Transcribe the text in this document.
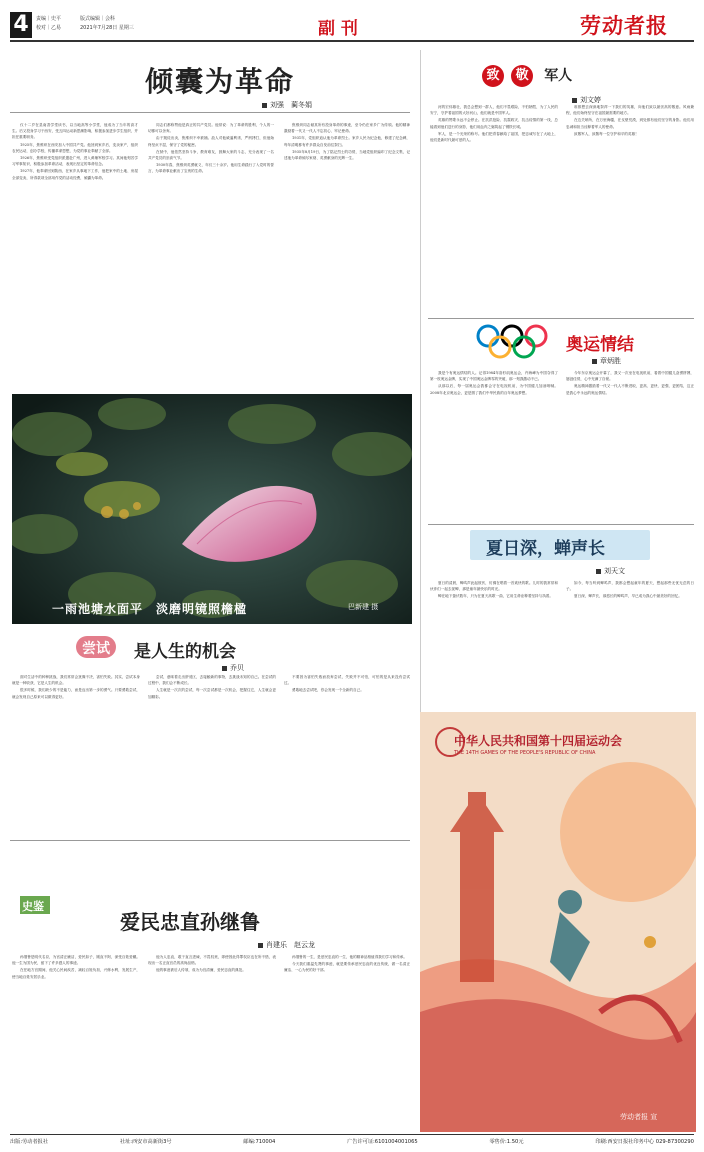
4	责编｜史平
校对｜乙易
版式编辑｜会科
2021年7月28日 星期三	副 刊	劳动者报
倾囊为革命
刘强　蔺冬娟

仅十二岁在县南香学堂读书，以当地高等小学堂，他成为了当年的高才生。后又投身学习于西安，受五四运动新思潮影响，积极参加进步学生组织，并担任重要职务。

1925年，焦维炽在西安加入中国共产党。他回到家乡后，变卖家产，组织农民运动，创办学校，传播革命思想，为党的事业奉献了全部。

1926年，焦维炽受党组织派遣赴广州，进入黄埔军校学习。其间他刻苦学习军事知识，积极参加革命活动，表现出坚定的革命信念。

1927年，他奉命回到陕西，在家乡从事地下工作，他把家中的土地、房屋全部变卖，所得款项全部用作党的活动经费，倾囊为革命。

同志们都称赞他是真正的共产党员。他常说：为了革命的胜利，个人的一切都可以舍弃。

由于叛徒出卖，焦维炽不幸被捕。敌人对他威逼利诱，严刑拷打，但他始终坚贞不屈，保守了党的秘密。

在狱中，他依然坚持斗争，教育难友，鼓舞大家的斗志，充分表现了一名共产党员的崇高气节。

1930年春，焦维炽英勇就义，年仅三十余岁。他用生命践行了入党时的誓言，为革命事业献出了宝贵的生命。

焦维炽同志倾其所有投身革命的事迹，至今仍在家乡广为传颂。他的精神激励着一代又一代人不忘初心、牢记使命。

1931年，党组织追认他为革命烈士。家乡人民为纪念他，修建了纪念碑，每年清明都有许多群众自发前往祭扫。

1935年8月19日，为了铭记烈士的功绩，当地党组织编印了纪念文集，记述他为革命倾尽家财、英勇献身的光辉一生。

致 敬 军人
刘文婷

河的宏伟雄壮，我总会想到一群人，他们不畏艰险，不怕牺牲，为了人民的安宁，守护着祖国的大好河山，他们就是中国军人。

英雄的赞歌永远不会停止。在抗洪抢险、抗震救灾、抗击疫情的第一线，总能看到他们逆行的身影，他们用血肉之躯筑起了钢铁长城。

军人，是一个光荣的称号。他们把青春献给了祖国，把忠诚写在了大地上，他们是新时代最可爱的人。

谁都想去深深地祭拜一下我们的英雄，向他们致以最崇高的敬意。风雨兼程，他们始终坚守在祖国最需要的地方。

在边关哨所，在万里海疆，在戈壁荒漠，到处都有他们坚守的身影。他们用忠诚和担当诠释着军人的使命。

致敬军人，致敬每一位守护和平的英雄！

奥运情结
章炳胜

我是个有奥运情结的人。记得1984年洛杉矶奥运会，许海峰为中国夺得了第一枚奥运金牌，实现了中国奥运金牌零的突破，那一刻我激动不已。

从那以后，每一届奥运会我都会守在电视机前，为中国健儿加油呐喊。2008年北京奥运会，更是圆了我们中华民族的百年奥运梦想。

今年东京奥运会开幕了，我又一次坐在电视机前，看着中国健儿奋勇拼搏，屡创佳绩，心中充满了自豪。

奥运精神激励着一代又一代人不断进取，更高、更快、更强、更团结，这正是我心中永远的奥运情结。

夏日深，蝉声长
刘天文

夏日的清晨，蝉鸣声此起彼伏，仿佛在唱着一首欢快的歌。儿时的我常常和伙伴们一起去捉蝉，那是童年最快乐的时光。

蝉在地下蛰伏数年，只为在夏天高歌一曲，它用生命诠释着坚持与执着。

如今，每当听到蝉鸣声，我都会想起童年的夏天，想起那些无忧无虑的日子。

夏日深，蝉声长，那悠长的蝉鸣声，早已成为我心中最美好的回忆。

一雨池塘水面平　淡磨明镜照檐楹	巴新建 摄
尝试 是人生的机会
乔贝

面对生活中的种种挑战，我们常常会犹豫不决，害怕失败。其实，尝试本身就是一种收获，它是人生的机会。

很多时候，我们缺少的不是能力，而是迈出第一步的勇气。只要勇敢尝试，就会发现自己原来可以做得更好。

尝试，意味着走出舒适区，去接触新的事物，去挑战未知的自己。在尝试的过程中，我们会不断成长。

人生就是一次次的尝试，每一次尝试都是一次机会，把握住它，人生就会更加精彩。

不要因为害怕失败而放弃尝试，失败并不可怕，可怕的是从来没有尝试过。

勇敢地去尝试吧，你会发现一个全新的自己。

史鉴
爱民忠直孙继鲁
肖建乐　赵云龙

孙继鲁是明代名臣，为官清正廉洁，爱民如子，刚直不阿，深受百姓爱戴。他一生为国为民，留下了许多感人的事迹。

在任地方官期间，他关心民间疾苦，减轻百姓负担，兴修水利，发展生产，使当地百姓安居乐业。

他为人忠直，敢于直言进谏，不畏权贵，即使因此得罪权臣也在所不惜，表现出一名正直官员的高尚品格。

他的事迹被后人传颂，成为为官清廉、爱民忠直的典范。

孙继鲁的一生，是爱民忠直的一生，他的精神品格值得我们学习和传承。

今天我们重温先贤的事迹，就是要传承爱民忠直的优良传统，做一名清正廉洁、一心为民的好干部。

中华人民共和国第十四届运动会
THE 14TH GAMES OF THE PEOPLE'S REPUBLIC OF CHINA
劳动者报 宣
出版:劳动者报社	社址:西安市高新街3号	邮编:710004	广告许可证:6101004001065	零售价:1.50元	印刷:西安日报社印务中心 029-87300290
